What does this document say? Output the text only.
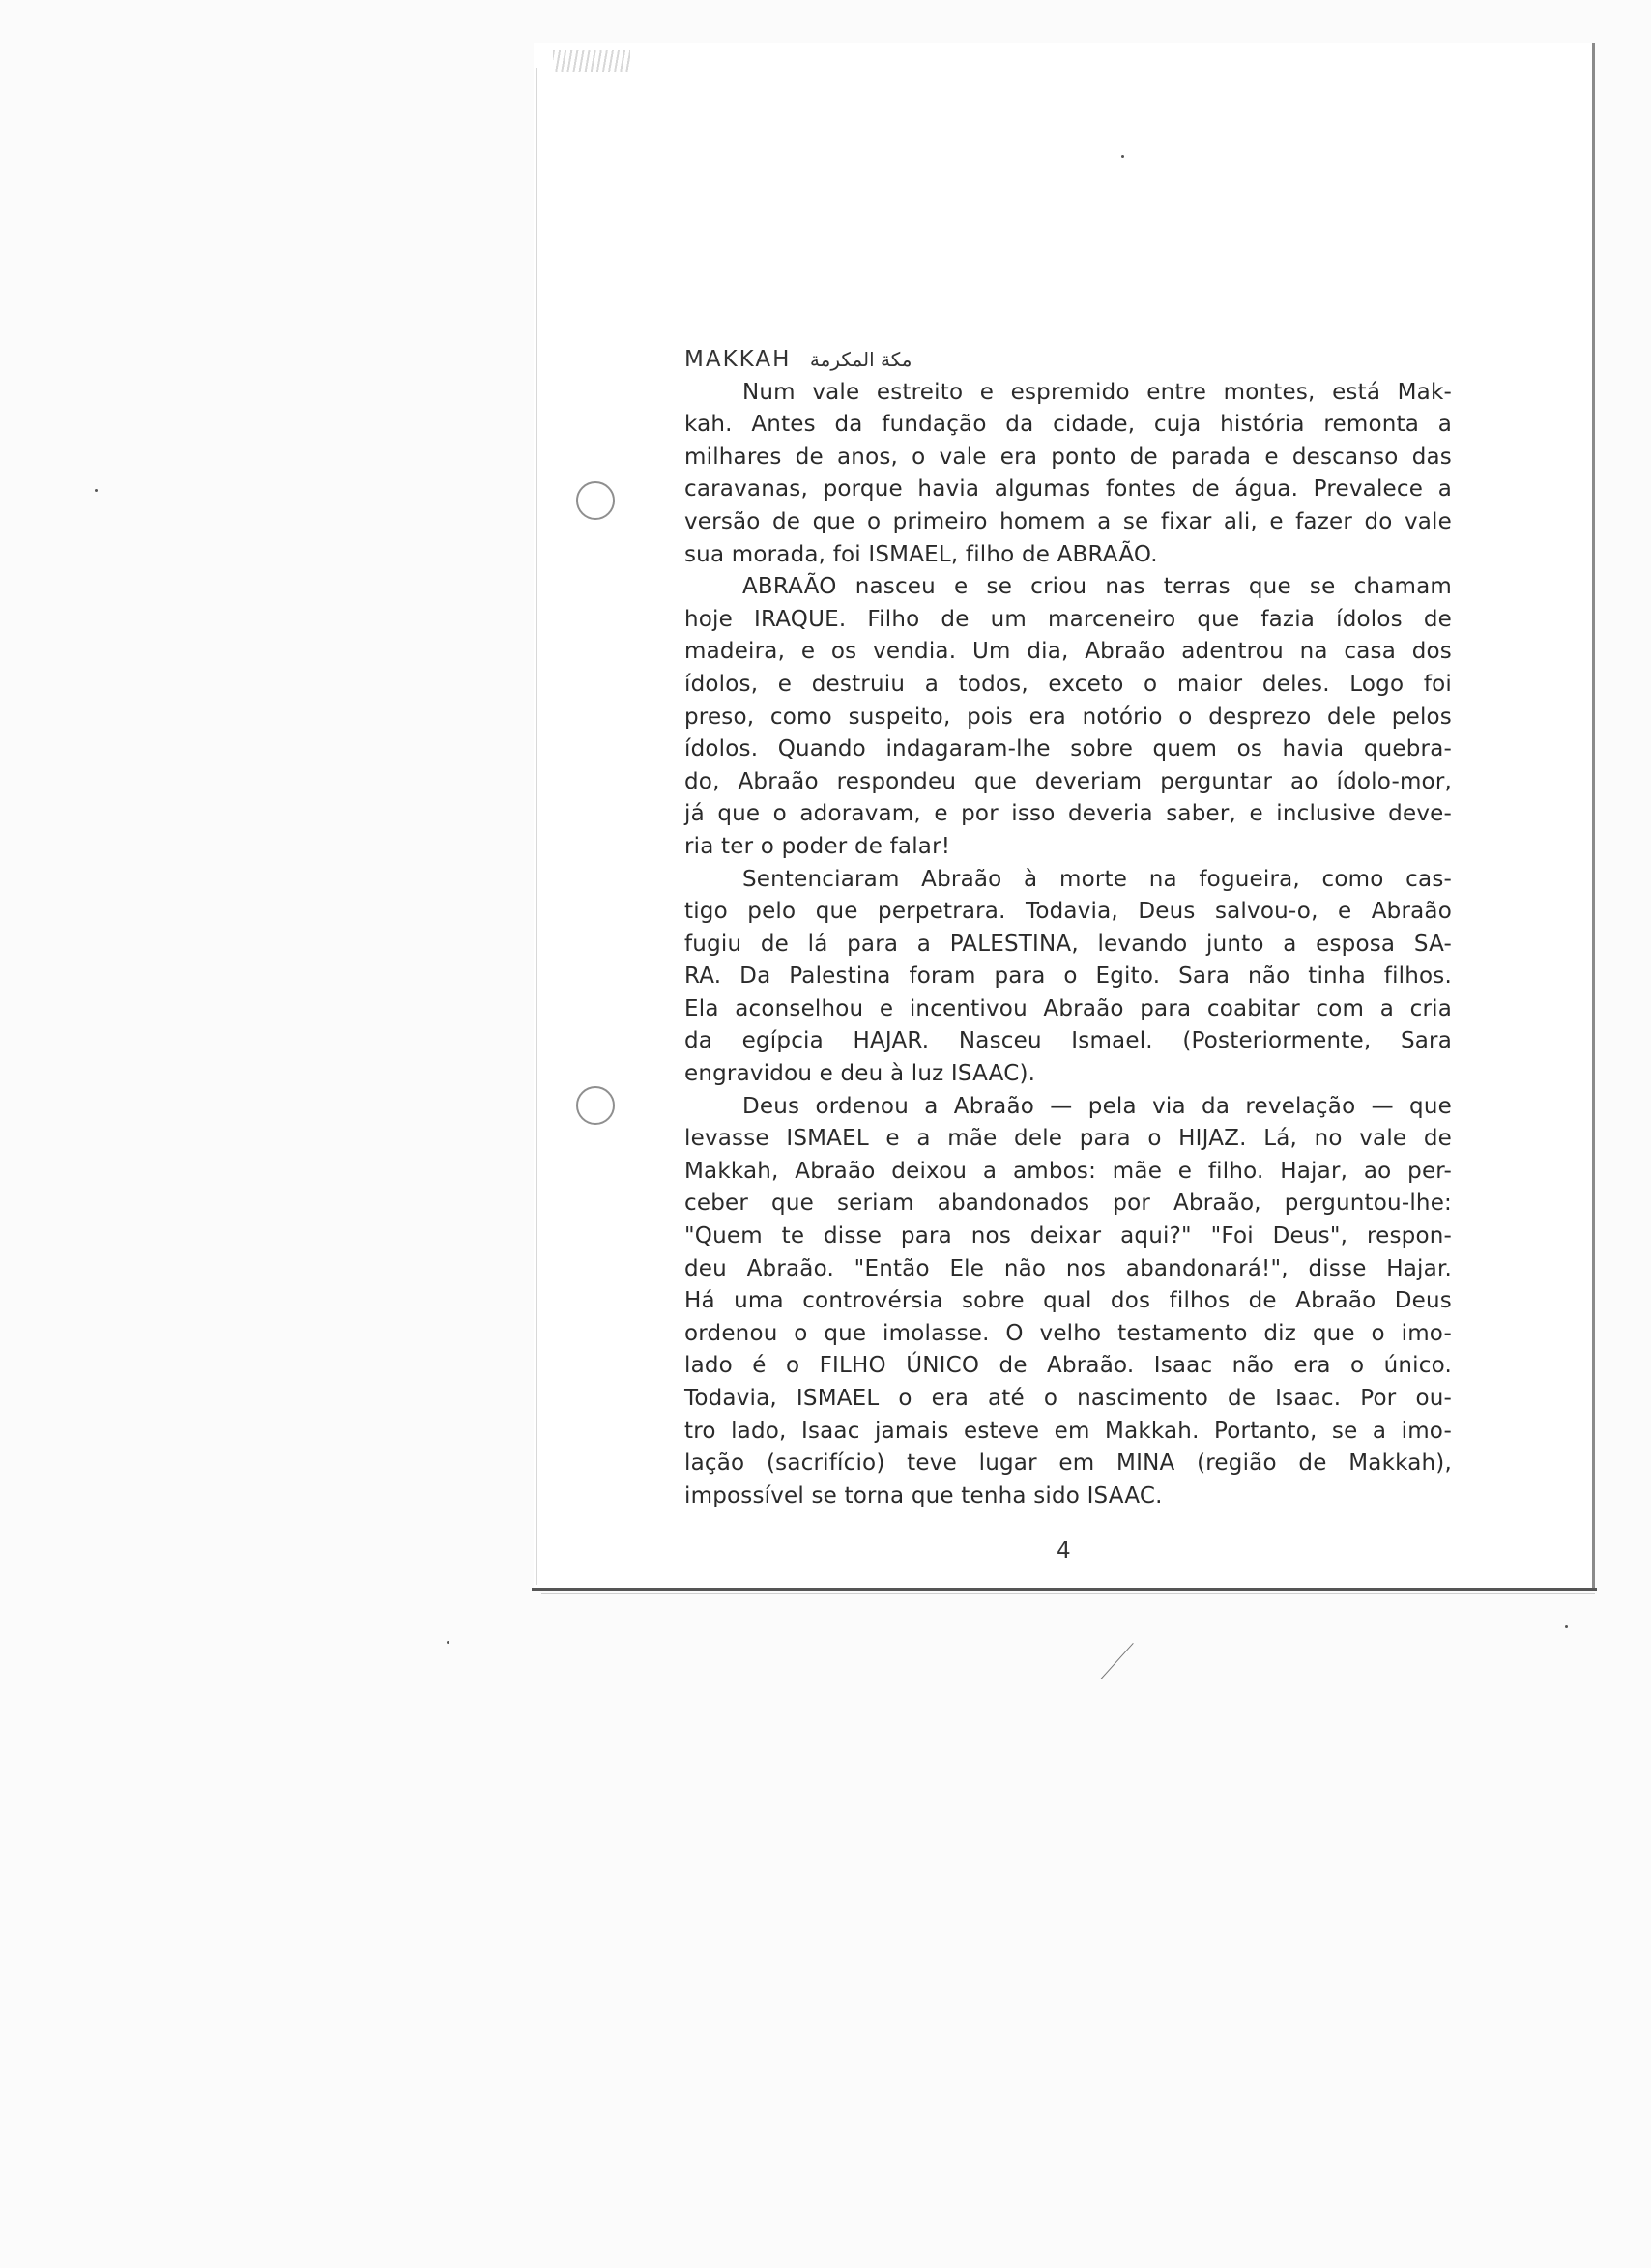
MAKKAH مكة المكرمة
Num vale estreito e espremido entre montes, está Mak-
kah. Antes da fundação da cidade, cuja história remonta a
milhares de anos, o vale era ponto de parada e descanso das
caravanas, porque havia algumas fontes de água. Prevalece a
versão de que o primeiro homem a se fixar ali, e fazer do vale
sua morada, foi ISMAEL, filho de ABRAÃO.
ABRAÃO nasceu e se criou nas terras que se chamam
hoje IRAQUE. Filho de um marceneiro que fazia ídolos de
madeira, e os vendia. Um dia, Abraão adentrou na casa dos
ídolos, e destruiu a todos, exceto o maior deles. Logo foi
preso, como suspeito, pois era notório o desprezo dele pelos
ídolos. Quando indagaram-lhe sobre quem os havia quebra-
do, Abraão respondeu que deveriam perguntar ao ídolo-mor,
já que o adoravam, e por isso deveria saber, e inclusive deve-
ria ter o poder de falar!
Sentenciaram Abraão à morte na fogueira, como cas-
tigo pelo que perpetrara. Todavia, Deus salvou-o, e Abraão
fugiu de lá para a PALESTINA, levando junto a esposa SA-
RA. Da Palestina foram para o Egito. Sara não tinha filhos.
Ela aconselhou e incentivou Abraão para coabitar com a cria
da egípcia HAJAR. Nasceu Ismael. (Posteriormente, Sara
engravidou e deu à luz ISAAC).
Deus ordenou a Abraão — pela via da revelação — que
levasse ISMAEL e a mãe dele para o HIJAZ. Lá, no vale de
Makkah, Abraão deixou a ambos: mãe e filho. Hajar, ao per-
ceber que seriam abandonados por Abraão, perguntou-lhe:
"Quem te disse para nos deixar aqui?" "Foi Deus", respon-
deu Abraão. "Então Ele não nos abandonará!", disse Hajar.
Há uma controvérsia sobre qual dos filhos de Abraão Deus
ordenou o que imolasse. O velho testamento diz que o imo-
lado é o FILHO ÚNICO de Abraão. Isaac não era o único.
Todavia, ISMAEL o era até o nascimento de Isaac. Por ou-
tro lado, Isaac jamais esteve em Makkah. Portanto, se a imo-
lação (sacrifício) teve lugar em MINA (região de Makkah),
impossível se torna que tenha sido ISAAC.
4
